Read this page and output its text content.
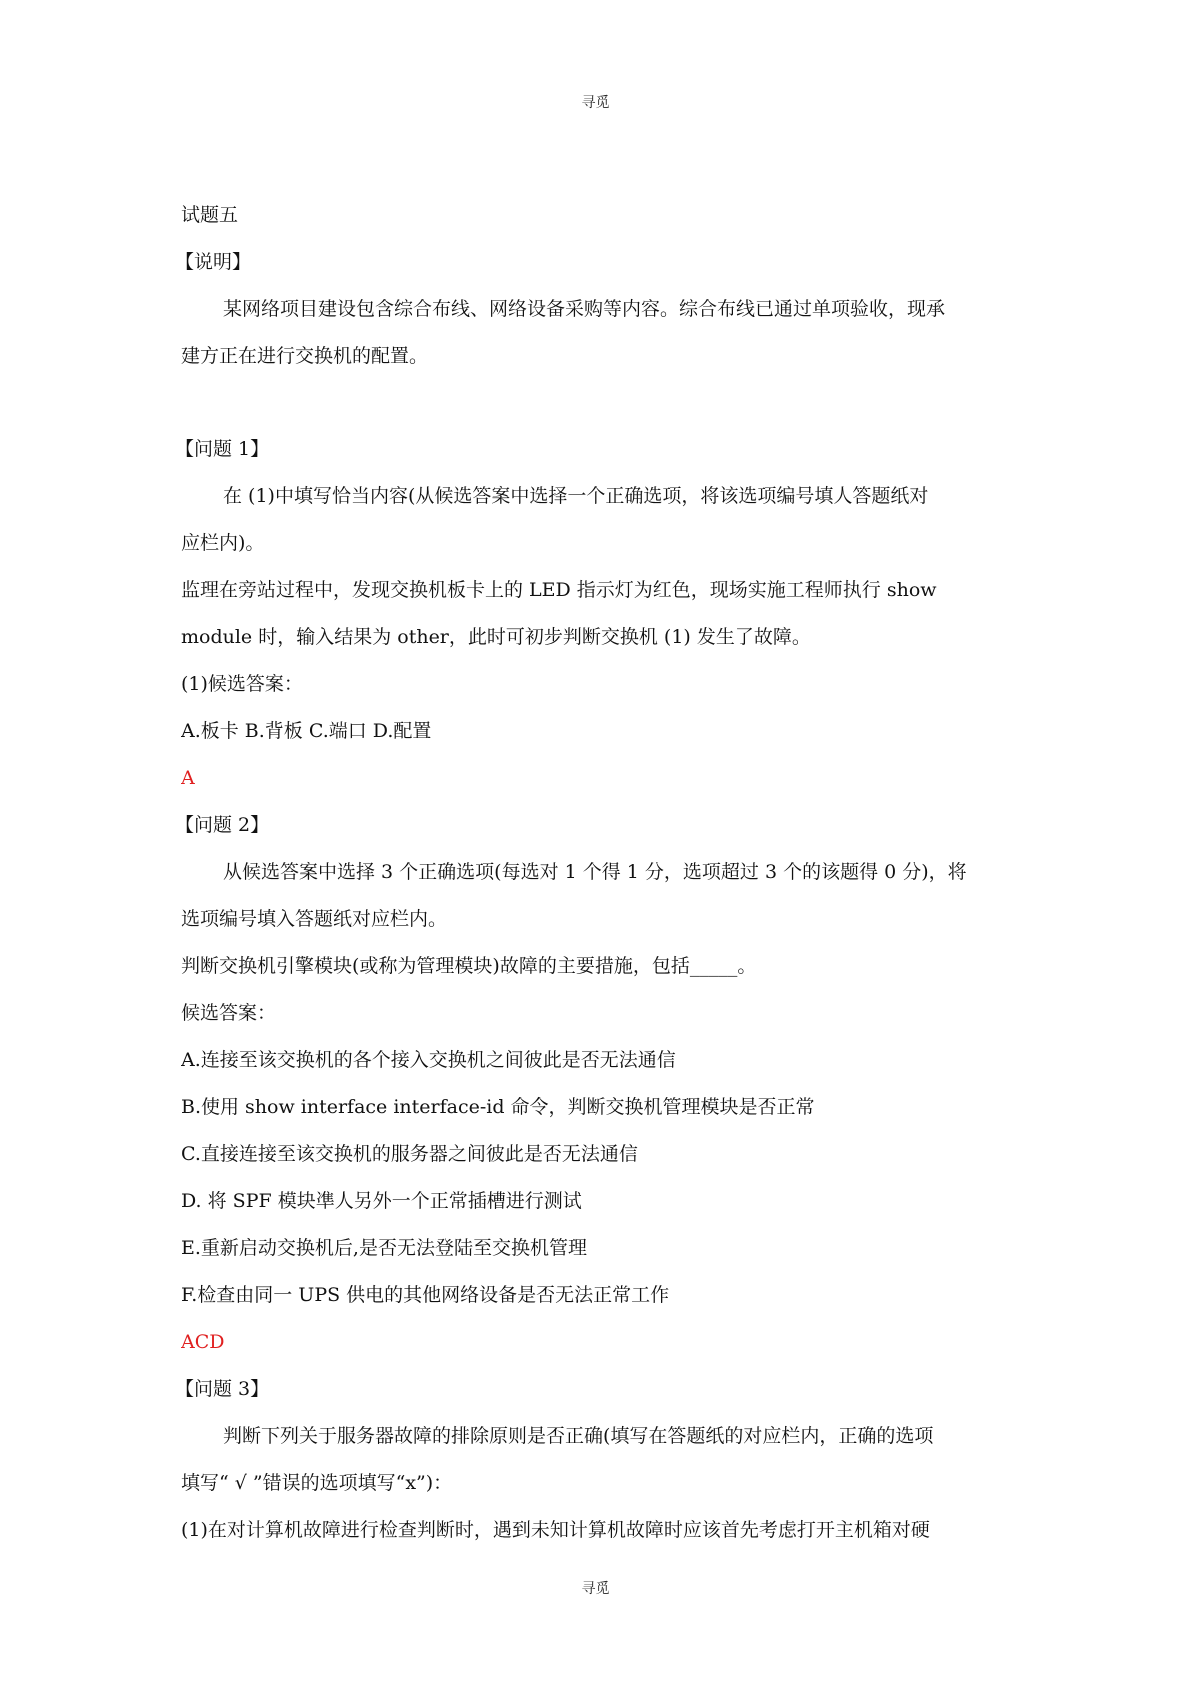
寻觅
试题五
【说明】
某网络项目建设包含综合布线、网络设备采购等内容。综合布线已通过单项验收，现承
建方正在进行交换机的配置。
【问题 1】
在 (1)中填写恰当内容(从候选答案中选择一个正确选项，将该选项编号填人答题纸对
应栏内)。
监理在旁站过程中，发现交换机板卡上的 LED 指示灯为红色，现场实施工程师执行 show
module 时，输入结果为 other，此时可初步判断交换机 (1) 发生了故障。
(1)候选答案：
A.板卡 B.背板 C.端口 D.配置
A
【问题 2】
从候选答案中选择 3 个正确选项(每选对 1 个得 1 分，选项超过 3 个的该题得 0 分)，将
选项编号填入答题纸对应栏内。
判断交换机引擎模块(或称为管理模块)故障的主要措施，包括_____。
候选答案：
A.连接至该交换机的各个接入交换机之间彼此是否无法通信
B.使用 show interface interface-id 命令，判断交换机管理模块是否正常
C.直接连接至该交换机的服务器之间彼此是否无法通信
D. 将 SPF 模块凖人另外一个正常插槽进行测试
E.重新启动交换机后,是否无法登陆至交换机管理
F.检查由同一 UPS 供电的其他网络设备是否无法正常工作
ACD
【问题 3】
判断下列关于服务器故障的排除原则是否正确(填写在答题纸的对应栏内，正确的选项
填写“ √ ”错误的选项填写“x”)：
(1)在对计算机故障进行检查判断时，遇到未知计算机故障时应该首先考虑打开主机箱对硬
寻觅
